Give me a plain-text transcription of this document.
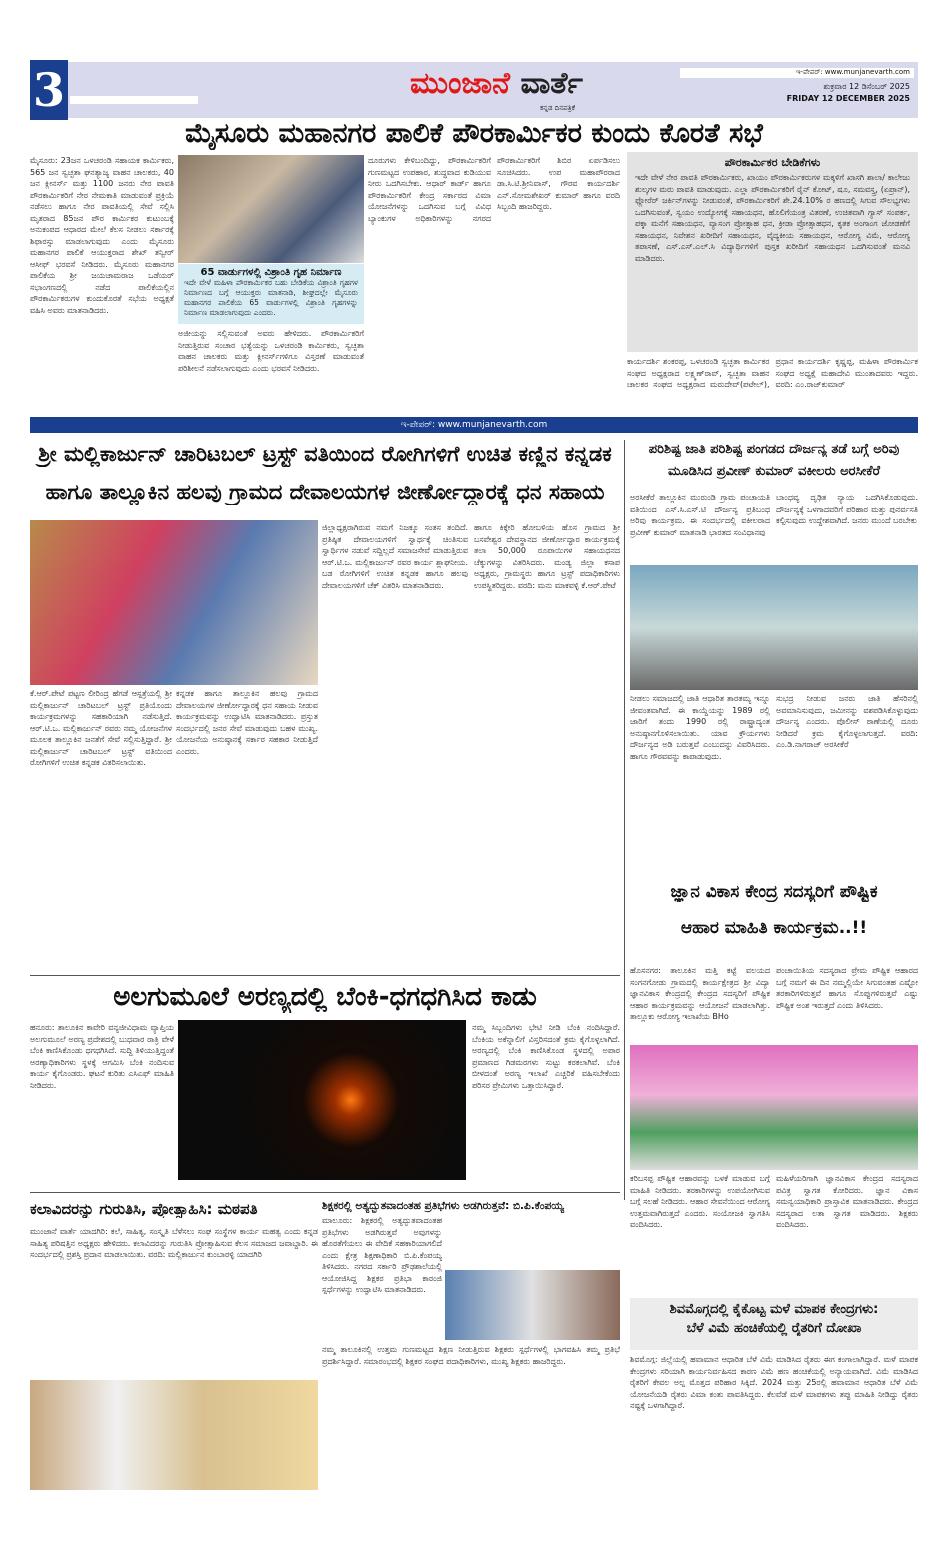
3	ಮುಂಜಾನೆ ವಾರ್ತೆ
ಕನ್ನಡ ದಿನಪತ್ರಿಕೆ
ಇ-ಪೇಪರ್: www.munjanevarth.com
ಶುಕ್ರವಾರ 12 ಡಿಸೆಂಬರ್ 2025
FRIDAY 12 DECEMBER 2025
ಮೈಸೂರು ಮಹಾನಗರ ಪಾಲಿಕೆ ಪೌರಕಾರ್ಮಿಕರ ಕುಂದು ಕೊರತೆ ಸಭೆ
ಮೈಸೂರು: 23ಜನ ಒಳಚರಂಡಿ ಸಹಾಯಕ ಕಾರ್ಮಿಕರು, 565 ಜನ ಸ್ವಚ್ಛತಾ ಘನತ್ಯಾಜ್ಯ ವಾಹನ ಚಾಲಕರು, 40 ಜನ ಕ್ಲೀನರ್ಸ್ ಮತ್ತು 1100 ಜನರು ನೇರ ಪಾವತಿ ಪೌರಕಾರ್ಮಿಕರಿಗೆ ನೇರ ನೇಮಕಾತಿ ಮಾಡುವಂತೆ ಪ್ರಕ್ರಿಯೆ ನಡೆಸಲು ಹಾಗೂ ನೇರ ಪಾವತಿಯಲ್ಲಿ ಸೇವೆ ಸಲ್ಲಿಸಿ ಮೃತರಾದ 85ಜನ ಪೌರ ಕಾರ್ಮಿಕರ ಕುಟುಂಬಕ್ಕೆ ಅನುಕಂಪದ ಆಧಾರದ ಮೇಲೆ ಕೆಲಸ ನೀಡಲು ಸರ್ಕಾರಕ್ಕೆ ಶಿಫಾರಸ್ಸು ಮಾಡಲಾಗುವುದು ಎಂದು ಮೈಸೂರು ಮಹಾನಗರ ಪಾಲಿಕೆ ಆಯುಕ್ತರಾದ ಶೇಖ್ ತನ್ವೀರ್ ಆಸೀಫ್ ಭರವಸೆ ನೀಡಿದರು. ಮೈಸೂರು ಮಹಾನಗರ ಪಾಲಿಕೆಯ ಶ್ರೀ ಜಯಚಾಮರಾಜ ಒಡೆಯರ್ ಸಭಾಂಗಣದಲ್ಲಿ ನಡೆದ ಪಾಲಿಕೆಯಲ್ಲಿನ ಪೌರಕಾರ್ಮಿಕರುಗಳ ಕುಂದುಕೊರತೆ ಸಭೆಯ ಅಧ್ಯಕ್ಷತೆ ವಹಿಸಿ ಅವರು ಮಾತನಾಡಿದರು.
65 ವಾರ್ಡುಗಳಲ್ಲಿ ವಿಶ್ರಾಂತಿ ಗೃಹ ನಿರ್ಮಾಣ
ಇದೇ ವೇಳೆ ಮಹಿಳಾ ಪೌರಕಾರ್ಮಿಕರ ಬಹು ಬೇಡಿಕೆಯ ವಿಶ್ರಾಂತಿ ಗೃಹಗಳ ನಿರ್ಮಾಣದ ಬಗ್ಗೆ ಆಯುಕ್ತರು ಮಾತನಾಡಿ, ಶೀಘ್ರದಲ್ಲೇ ಮೈಸೂರು ಮಹಾನಗರ ಪಾಲಿಕೆಯ 65 ವಾರ್ಡುಗಳಲ್ಲಿ ವಿಶ್ರಾಂತಿ ಗೃಹಗಳನ್ನು ನಿರ್ಮಾಣ ಮಾಡಲಾಗುವುದು ಎಂದರು.
ಅಜೀಯನ್ನು ಸಲ್ಲಿಸುವಂತೆ ಅವರು ಹೇಳಿದರು. ಪೌರಕಾರ್ಮಿಕರಿಗೆ ನೀಡುತ್ತಿರುವ ಸಂಚಾರ ಭತ್ಯೆಯನ್ನು ಒಳಚರಂಡಿ ಕಾರ್ಮಿಕರು, ಸ್ವಚ್ಛತಾ ವಾಹನ ಚಾಲಕರು ಮತ್ತು ಕ್ಲೀನರ್ಸ್‌ಗಳಿಗೂ ವಿಸ್ತರಣೆ ಮಾಡುವಂತೆ ಪರಿಶೀಲನೆ ನಡೆಸಲಾಗುವುದು ಎಂದು ಭರವಸೆ ನೀಡಿದರು.
ದೂರುಗಳು ಕೇಳಿಬಂದಿದ್ದು, ಪೌರಕಾರ್ಮಿಕರಿಗೆ ಗುಣಮಟ್ಟದ ಉಪಹಾರ, ಶುದ್ಧವಾದ ಕುಡಿಯುವ ನೀರು ಒದಗಿಸಬೇಕು. ಆಧಾರ್ ಕಾರ್ಡ್ ಹಾಗೂ ಪೌರಕಾರ್ಮಿಕರಿಗೆ ಕೇಂದ್ರ ಸರ್ಕಾರದ ವಿಮಾ ಯೋಜನೆಗಳನ್ನು ಒದಗಿಸುವ ಬಗ್ಗೆ ವಿವಿಧ ಬ್ಯಾಂಕುಗಳ ಅಧಿಕಾರಿಗಳನ್ನು ನಗರದ ಪೌರಕಾರ್ಮಿಕರಿಗೆ ಶಿಬಿರ ಏರ್ಪಡಿಸಲು ಸೂಚಿಸಿದರು. ಉಪ ಮಹಾಪೌರರಾದ ಡಾ.ಸಿ.ಟಿ.ಶ್ರೀನಿವಾಸ್, ಗೌರವ ಕಾರ್ಯದರ್ಶಿ ಎನ್.ಸೋಮಶೇಖರ್ ಕುಮಾರ್ ಹಾಗೂ ವರದಿ ಸಿಬ್ಬಂದಿ ಹಾಜರಿದ್ದರು.
ಪೌರಕಾರ್ಮಿಕರ ಬೇಡಿಕೆಗಳು
ಇದೇ ವೇಳೆ ನೇರ ಪಾವತಿ ಪೌರಕಾರ್ಮಿಕರು, ಖಾಯಂ ಪೌರಕಾರ್ಮಿಕರುಗಳ ಮಕ್ಕಳಿಗೆ ಖಾಸಗಿ ಶಾಲಾ/ ಕಾಲೇಜು ಶುಲ್ಕಗಳ ಮರು ಪಾವತಿ ಮಾಡುವುದು. ಎಲ್ಲಾ ಪೌರಕಾರ್ಮಿಕರಿಗೆ ರೈನ್ ಕೋಟ್, ಷೂ, ಸಮವಸ್ತ್ರ, (ಏಪ್ರಾನ್), ಫ್ಲೋರೆರ್ ಜರ್ಕಿನ್‌ಗಳನ್ನು ನೀಡುವಂತೆ, ಪೌರಕಾರ್ಮಿಕರಿಗೆ ಶೇ.24.10% ರ ಹಣದಲ್ಲಿ ಸಿಗುವ ಸೌಲಭ್ಯಗಳು ಒದಗಿಸುವಂತೆ, ಸ್ವಯಂ ಉದ್ಯೋಗಕ್ಕೆ ಸಹಾಯಧನ, ಹೊಲಿಗೆಯಂತ್ರ ವಿತರಣೆ, ಉಚಿತವಾಗಿ ಗ್ಯಾಸ್ ಸಂಪರ್ಕ, ಪಕ್ಕಾ ಮನೆಗೆ ಸಹಾಯಧನ, ವ್ಯಾಸಂಗ ಪ್ರೋತ್ಸಾಹ ಧನ, ಕ್ರೀಡಾ ಪ್ರೋತ್ಸಾಹಧನ, ಕೃತಕ ಅಂಗಾಂಗ ಜೋಡಣೆಗೆ ಸಹಾಯಧನ, ನಿವೇಶನ ಖರೀದಿಗೆ ಸಹಾಯಧನ, ವೈದ್ಯಕೀಯ ಸಹಾಯಧನ, ಆರೋಗ್ಯ ವಿಮೆ, ಆರೋಗ್ಯ ತಪಾಸಣೆ, ಎಸ್.ಎಸ್.ಎಲ್.ಸಿ ವಿದ್ಯಾರ್ಥಿಗಳಿಗೆ ಪುಸ್ತಕ ಖರೀದಿಗೆ ಸಹಾಯಧನ ಒದಗಿಸುವಂತೆ ಮನವಿ ಮಾಡಿದರು.
ಕಾರ್ಯದರ್ಶಿ ಶಂಕರಪ್ಪ, ಒಳಚರಂಡಿ ಸ್ವಚ್ಛತಾ ಕಾರ್ಮಿಕರ ಸಂಘದ ಅಧ್ಯಕ್ಷರಾದ ಲಕ್ಷ್ಮಣ್‌ರಾವ್, ಸ್ವಚ್ಛತಾ ವಾಹನ ಚಾಲಕರ ಸಂಘದ ಅಧ್ಯಕ್ಷರಾದ ಮರುದೇವ್(ಪಟೇಲ್), ಪ್ರಧಾನ ಕಾರ್ಯದರ್ಶಿ ಕೃಷ್ಣಪ್ಪ, ಮಹಿಳಾ ಪೌರಕಾರ್ಮಿಕ ಸಂಘದ ಅಧ್ಯಕ್ಷೆ ಮಹಾದೇವಿ ಮುಂತಾದವರು ಇದ್ದರು. ವರದಿ: ಎಂ.ರಾಜ್‌ಕುಮಾರ್
ಇ-ಪೇಪರ್: www.munjanevarth.com
ಶ್ರೀ ಮಲ್ಲಿಕಾರ್ಜುನ್ ಚಾರಿಟಬಲ್ ಟ್ರಸ್ಟ್ ವತಿಯಿಂದ ರೋಗಿಗಳಿಗೆ ಉಚಿತ ಕಣ್ಣಿನ ಕನ್ನಡಕ
ಹಾಗೂ ತಾಲ್ಲೂಕಿನ ಹಲವು ಗ್ರಾಮದ ದೇವಾಲಯಗಳ ಜೀರ್ಣೋದ್ಧಾರಕ್ಕೆ ಧನ ಸಹಾಯ
ಕೆ.ಆರ್.ಪೇಟೆ ಪಟ್ಟಣ ಲೀರಿಂದ್ರ ಹೆಗಡೆ ಆಸ್ಪತ್ರೆಯಲ್ಲಿ ಶ್ರೀ ಮಲ್ಲಿಕಾರ್ಜುನ್ ಚಾರಿಟಬಲ್ ಟ್ರಸ್ಟ್ ಪ್ರತಿಯೊಂದು ಕಾರ್ಯಕ್ರಮಗಳನ್ನು ಸಹಕಾರಿಯಾಗಿ ನಡೆಸುತ್ತಿದೆ. ಆರ್.ಟಿ.ಒ. ಮಲ್ಲಿಕಾರ್ಜುನ್ ರವರು ನಮ್ಮ ಯೋಜನೆಗಳ ಮೂಲಕ ತಾಲ್ಲೂಕಿನ ಜನತೆಗೆ ಸೇವೆ ಸಲ್ಲಿಸುತ್ತಿದ್ದಾರೆ. ಶ್ರೀ ಮಲ್ಲಿಕಾರ್ಜುನ್ ಚಾರಿಟಬಲ್ ಟ್ರಸ್ಟ್ ವತಿಯಿಂದ ರೋಗಿಗಳಿಗೆ ಉಚಿತ ಕನ್ನಡಕ ವಿತರಿಸಲಾಯಿತು.
ಕನ್ನಡಕ ಹಾಗೂ ತಾಲ್ಲೂಕಿನ ಹಲವು ಗ್ರಾಮದ ದೇವಾಲಯಗಳ ಜೀರ್ಣೋದ್ಧಾರಕ್ಕೆ ಧನ ಸಹಾಯ ನೀಡುವ ಕಾರ್ಯಕ್ರಮವನ್ನು ಉದ್ಘಾಟಿಸಿ ಮಾತನಾಡಿದರು. ಪ್ರಸ್ತುತ ಸಂದರ್ಭದಲ್ಲಿ ಜನರ ಸೇವೆ ಮಾಡುವುದು ಬಹಳ ಮುಖ್ಯ. ಯೋಜನೆಯ ಅನುಷ್ಠಾನಕ್ಕೆ ಸರ್ಕಾರ ಸಹಕಾರ ನೀಡುತ್ತಿದೆ ಎಂದರು.
ಜಿಲ್ಲಾಧ್ಯಕ್ಷರಾಗಿರುವ ನಮಗೆ ನಿಜಕ್ಕೂ ಸಂತಸ ತಂದಿದೆ. ಪ್ರತಿಷ್ಠಿತ ದೇವಾಲಯಗಳಿಗೆ ಸ್ವಾರ್ಥಕ್ಕೆ ಚಿಂತಿಸುವ ಸ್ವಾರ್ಥಿಗಳ ನಡುವೆ ಸದ್ದಿಲ್ಲದೆ ಸಮಾಜಸೇವೆ ಮಾಡುತ್ತಿರುವ ಆರ್.ಟಿ.ಒ. ಮಲ್ಲಿಕಾರ್ಜುನ್ ರವರ ಕಾರ್ಯ ಶ್ಲಾಘನೀಯ. ಬಡ ರೋಗಿಗಳಿಗೆ ಉಚಿತ ಕನ್ನಡಕ ಹಾಗೂ ಹಲವು ದೇವಾಲಯಗಳಿಗೆ ಚೆಕ್ ವಿತರಿಸಿ ಮಾತನಾಡಿದರು.
ಹಾಗೂ ಕಿಕ್ಕೇರಿ ಹೋಬಳಿಯ ಹೊಸ ಗ್ರಾಮದ ಶ್ರೀ ಬಸವೇಶ್ವರ ದೇವಸ್ಥಾನದ ಜೀರ್ಣೋದ್ಧಾರ ಕಾರ್ಯಕ್ರಮಕ್ಕೆ ತಲಾ 50,000 ರೂಪಾಯಿಗಳ ಸಹಾಯಧನದ ಚೆಕ್ಕುಗಳನ್ನು ವಿತರಿಸಿದರು. ಮಂಡ್ಯ ಜಿಲ್ಲಾ ಕಸಾಪ ಅಧ್ಯಕ್ಷರು, ಗ್ರಾಮಸ್ಥರು ಹಾಗೂ ಟ್ರಸ್ಟ್ ಪದಾಧಿಕಾರಿಗಳು ಉಪಸ್ಥಿತರಿದ್ದರು. ವರದಿ: ಮನು ಮಾಕವಳ್ಳಿ ಕೆ.ಆರ್.ಪೇಟೆ
ಪರಿಶಿಷ್ಟ ಜಾತಿ ಪರಿಶಿಷ್ಟ ಪಂಗಡದ ದೌರ್ಜನ್ಯ ತಡೆ ಬಗ್ಗೆ ಅರಿವು
ಮೂಡಿಸಿದ ಪ್ರವೀಣ್ ಕುಮಾರ್ ವಕೀಲರು ಅರಸೀಕೆರೆ
ಅರಸೀಕೆರೆ ತಾಲ್ಲೂಕಿನ ಮುರುಂಡಿ ಗ್ರಾಮ ಪಂಚಾಯತಿ ವತಿಯಿಂದ ಎಸ್.ಸಿ.ಎಸ್.ಟಿ ದೌರ್ಜನ್ಯ ಪ್ರತಿಬಂಧ ಅರಿವು ಕಾರ್ಯಕ್ರಮ. ಈ ಸಂದರ್ಭದಲ್ಲಿ ವಕೀಲರಾದ ಪ್ರವೀಣ್ ಕುಮಾರ್ ಮಾತನಾಡಿ ಭಾರತದ ಸಂವಿಧಾನವು
ಬಾಂಧವ್ಯ ದೃಢಿತ ನ್ಯಾಯ ಒದಗಿಸಿಕೊಡುವುದು. ದೌರ್ಜನ್ಯಕ್ಕೆ ಒಳಗಾದವರಿಗೆ ಪರಿಹಾರ ಮತ್ತು ಪುನರ್ವಸತಿ ಕಲ್ಪಿಸುವುದು ಉದ್ದೇಶವಾಗಿದೆ. ಜನರು ಮುಂದೆ ಬರಬೇಕು
ನೀಡಲು ಸಮಾಜದಲ್ಲಿ ಜಾತಿ ಆಧಾರಿತ ತಾರತಮ್ಯ ಇನ್ನೂ ಜೀವಂತವಾಗಿದೆ. ಈ ಕಾಯ್ದೆಯನ್ನು 1989 ರಲ್ಲಿ ಜಾರಿಗೆ ತಂದು 1990 ರಲ್ಲಿ ರಾಷ್ಟ್ರಾದ್ಯಂತ ಅನುಷ್ಠಾನಗೊಳಿಸಲಾಯಿತು. ಯಾವ ಕ್ರೌರ್ಯಗಳು ದೌರ್ಜನ್ಯದ ಅಡಿ ಬರುತ್ತವೆ ಎಂಬುದನ್ನು ವಿವರಿಸಿದರು. ಹಾಗೂ ಗೌರವವನ್ನು ಕಾಪಾಡುವುದು.
ಸುಭದ್ರ ನೀಡುವ ಜನರು ಜಾತಿ ಹೆಸರಿನಲ್ಲಿ ಅವಮಾನಿಸುವುದು, ಜಮೀನನ್ನು ವಶಪಡಿಸಿಕೊಳ್ಳುವುದು ದೌರ್ಜನ್ಯ ಎಂದರು. ಪೊಲೀಸ್ ಠಾಣೆಯಲ್ಲಿ ದೂರು ನೀಡಿದರೆ ಕ್ರಮ ಕೈಗೊಳ್ಳಲಾಗುತ್ತದೆ. ವರದಿ: ಎಂ.ಡಿ.ನಾಗರಾಜ್ ಅರಸೀಕೆರೆ
ಜ್ಞಾನ ವಿಕಾಸ ಕೇಂದ್ರ ಸದಸ್ಯರಿಗೆ ಪೌಷ್ಟಿಕ
ಆಹಾರ ಮಾಹಿತಿ ಕಾರ್ಯಕ್ರಮ..!!
ಹೊಸನಗರ: ತಾಲೂಕಿನ ಮತ್ತಿ ಕಟ್ಟೆ ವಲಯದ ಸಂಗನಗೋಡು ಗ್ರಾಮದಲ್ಲಿ ಕಾರ್ಯಕ್ಷೇತ್ರದ ಶ್ರೀ ವಿದ್ಯಾ ಜ್ಞಾನವಿಕಾಸ ಕೇಂದ್ರದಲ್ಲಿ ಕೇಂದ್ರದ ಸದಸ್ಯರಿಗೆ ಪೌಷ್ಟಿಕ ಆಹಾರ ಕಾರ್ಯಕ್ರಮವನ್ನು ಆಯೋಜನೆ ಮಾಡಲಾಗಿತ್ತು. ತಾಲ್ಲೂಕು ಆರೋಗ್ಯ ಇಲಾಖೆಯ BHo
ಪಂಚಾಯಿತಿಯ ಸದಸ್ಯರಾದ ಪ್ರೇಮ ಪೌಷ್ಟಿಕ ಆಹಾರದ ಬಗ್ಗೆ ನಮಗೆ ಈ ದಿನ ನಮ್ಮಲ್ಲಿಯೇ ಸಿಗುವಂತಹ ಎಷ್ಟೋ ತರಕಾರಿಗಳಿರುತ್ತವೆ ಹಾಗೂ ಸೊಪ್ಪುಗಳಿರುತ್ತವೆ ಎಷ್ಟು ಪೌಷ್ಟಿಕ ಅಂಶ ಇರುತ್ತದೆ ಎಂದು ತಿಳಿಸಿದರು.
ಕರಿಬಸಪ್ಪ ಪೌಷ್ಟಿಕ ಆಹಾರವನ್ನು ಬಳಕೆ ಮಾಡುವ ಬಗ್ಗೆ ಮಾಹಿತಿ ನೀಡಿದರು. ತರಕಾರಿಗಳನ್ನು ಉಪಯೋಗಿಸುವ ಬಗ್ಗೆ ಸಲಹೆ ನೀಡಿದರು. ಆಹಾರ ಸೇವನೆಯಿಂದ ಆರೋಗ್ಯ ಉತ್ತಮವಾಗಿರುತ್ತದೆ ಎಂದರು. ಸಂಯೋಜಕಿ ಸ್ವಾಗತಿಸಿ ವಂದಿಸಿದರು.
ಮಹಿಳೆಯರಿಗಾಗಿ ಜ್ಞಾನವಿಕಾಸ ಕೇಂದ್ರದ ಸದಸ್ಯರಾದ ಪವಿತ್ರ ಸ್ವಾಗತ ಕೋರಿದರು. ಜ್ಞಾನ ವಿಕಾಸ ಸಮನ್ವಯಾಧಿಕಾರಿ ಪ್ರಾಸ್ತಾವಿಕ ಮಾತನಾಡಿದರು. ಕೇಂದ್ರದ ಸದಸ್ಯರಾದ ಲತಾ ಸ್ವಾಗತ ಮಾಡಿದರು. ಶಿಕ್ಷಕರು ವಂದಿಸಿದರು.
ಅಲಗುಮೂಲೆ ಅರಣ್ಯದಲ್ಲಿ ಬೆಂಕಿ-ಧಗಧಗಿಸಿದ ಕಾಡು
ಹನೂರು: ತಾಲೂಕಿನ ಕಾವೇರಿ ವನ್ಯಜೀವಿಧಾಮ ವ್ಯಾಪ್ತಿಯ ಅಲಗುಮೂಲೆ ಅರಣ್ಯ ಪ್ರದೇಶದಲ್ಲಿ ಬುಧವಾರ ರಾತ್ರಿ ವೇಳೆ ಬೆಂಕಿ ಕಾಣಿಸಿಕೊಂಡು ಧಗಧಗಿಸಿದೆ. ಸುದ್ದಿ ತಿಳಿಯುತ್ತಿದ್ದಂತೆ ಅರಣ್ಯಾಧಿಕಾರಿಗಳು ಸ್ಥಳಕ್ಕೆ ಆಗಮಿಸಿ ಬೆಂಕಿ ನಂದಿಸುವ ಕಾರ್ಯ ಕೈಗೊಂಡರು. ಘಟನೆ ಕುರಿತು ಎಸಿಎಫ್ ಮಾಹಿತಿ ನೀಡಿದರು.
ನಮ್ಮ ಸಿಬ್ಬಂದಿಗಳು ಭೇಟಿ ನೀಡಿ ಬೆಂಕಿ ನಂದಿಸಿದ್ದಾರೆ. ಬೆಂಕಿಯ ಅಕೆನ್ನಾಲಿಗೆ ವಿಸ್ತರಿಸದಂತೆ ಕ್ರಮ ಕೈಗೊಳ್ಳಲಾಗಿದೆ. ಅರಣ್ಯದಲ್ಲಿ ಬೆಂಕಿ ಕಾಣಿಸಿಕೊಂಡ ಸ್ಥಳದಲ್ಲಿ ಅಪಾರ ಪ್ರಮಾಣದ ಗಿಡಮರಗಳು ಸುಟ್ಟು ಕರಕಲಾಗಿವೆ. ಬೆಂಕಿ ಬೀಳದಂತೆ ಅರಣ್ಯ ಇಲಾಖೆ ಎಚ್ಚರಿಕೆ ವಹಿಸಬೇಕೆಂದು ಪರಿಸರ ಪ್ರೇಮಿಗಳು ಒತ್ತಾಯಿಸಿದ್ದಾರೆ.
ಕಲಾವಿದರನ್ನು ಗುರುತಿಸಿ, ಪ್ರೋತ್ಸಾಹಿಸಿ: ಮಠಪತಿ
ಮುಂಜಾನೆ ವಾರ್ತೆ ಯಾದಗಿರಿ: ಕಲೆ, ಸಾಹಿತ್ಯ, ಸಂಸ್ಕೃತಿ ಬೆಳೆಸಲು ಸಂಘ ಸಂಸ್ಥೆಗಳ ಕಾರ್ಯ ಮಹತ್ವ ಎಂದು ಕನ್ನಡ ಸಾಹಿತ್ಯ ಪರಿಷತ್ತಿನ ಅಧ್ಯಕ್ಷರು ಹೇಳಿದರು. ಕಲಾವಿದರನ್ನು ಗುರುತಿಸಿ ಪ್ರೋತ್ಸಾಹಿಸುವ ಕೆಲಸ ಸಮಾಜದ ಜವಾಬ್ದಾರಿ. ಈ ಸಂದರ್ಭದಲ್ಲಿ ಪ್ರಶಸ್ತಿ ಪ್ರದಾನ ಮಾಡಲಾಯಿತು. ವರದಿ: ಮಲ್ಲಿಕಾರ್ಜುನ ಕುಂಬಾರಳ್ಳಿ ಯಾದಗಿರಿ
ಶಿಕ್ಷಕರಲ್ಲಿ ಅತ್ಯದ್ಭುತವಾದಂತಹ ಪ್ರತಿಭೆಗಳು ಅಡಗಿರುತ್ತವೆ: ಬಿ.ಪಿ.ಕೆಂಪಯ್ಯ
ಮಾಲೂರು: ಶಿಕ್ಷಕರಲ್ಲಿ ಅತ್ಯದ್ಭುತವಾದಂತಹ ಪ್ರತಿಭೆಗಳು ಅಡಗಿರುತ್ತವೆ ಅವುಗಳನ್ನು ಹೊರತೆಗೆಯಲು ಈ ವೇದಿಕೆ ಸಹಕಾರಿಯಾಗಲಿದೆ ಎಂದು ಕ್ಷೇತ್ರ ಶಿಕ್ಷಣಾಧಿಕಾರಿ ಬಿ.ಪಿ.ಕೆಂಪಯ್ಯ ತಿಳಿಸಿದರು. ನಗರದ ಸರ್ಕಾರಿ ಪ್ರೌಢಶಾಲೆಯಲ್ಲಿ ಆಯೋಜಿಸಿದ್ದ ಶಿಕ್ಷಕರ ಪ್ರತಿಭಾ ಕಾರಂಜಿ ಸ್ಪರ್ಧೆಗಳನ್ನು ಉದ್ಘಾಟಿಸಿ ಮಾತನಾಡಿದರು.
ನಮ್ಮ ತಾಲೂಕಿನಲ್ಲಿ ಉತ್ತಮ ಗುಣಮಟ್ಟದ ಶಿಕ್ಷಣ ನೀಡುತ್ತಿರುವ ಶಿಕ್ಷಕರು ಸ್ಪರ್ಧೆಗಳಲ್ಲಿ ಭಾಗವಹಿಸಿ ತಮ್ಮ ಪ್ರತಿಭೆ ಪ್ರದರ್ಶಿಸಿದ್ದಾರೆ. ಸಮಾರಂಭದಲ್ಲಿ ಶಿಕ್ಷಕರ ಸಂಘದ ಪದಾಧಿಕಾರಿಗಳು, ಮುಖ್ಯ ಶಿಕ್ಷಕರು ಹಾಜರಿದ್ದರು.
ಶಿವಮೊಗ್ಗದಲ್ಲಿ ಕೈಕೊಟ್ಟ ಮಳೆ ಮಾಪಕ ಕೇಂದ್ರಗಳು:
ಬೆಳೆ ವಿಮೆ ಹಂಚಿಕೆಯಲ್ಲಿ ರೈತರಿಗೆ ದೋಖಾ
ಶಿವಮೊಗ್ಗ: ಜಿಲ್ಲೆಯಲ್ಲಿ ಹವಾಮಾನ ಆಧಾರಿತ ಬೆಳೆ ವಿಮೆ ಮಾಡಿಸಿದ ರೈತರು ಈಗ ಕಂಗಾಲಾಗಿದ್ದಾರೆ. ಮಳೆ ಮಾಪಕ ಕೇಂದ್ರಗಳು ಸರಿಯಾಗಿ ಕಾರ್ಯನಿರ್ವಹಿಸದ ಕಾರಣ ವಿಮೆ ಹಣ ಹಂಚಿಕೆಯಲ್ಲಿ ಅನ್ಯಾಯವಾಗಿದೆ. ವಿಮೆ ಮಾಡಿಸಿದ ರೈತರಿಗೆ ಕೇವಲ ಅಲ್ಪ ಮೊತ್ತದ ಪರಿಹಾರ ಸಿಕ್ಕಿದೆ. 2024 ಮತ್ತು 25ರಲ್ಲಿ ಹವಾಮಾನ ಆಧಾರಿತ ಬೆಳೆ ವಿಮೆ ಯೋಜನೆಯಡಿ ರೈತರು ವಿಮಾ ಕಂತು ಪಾವತಿಸಿದ್ದರು. ಕೆಲವೆಡೆ ಮಳೆ ಮಾಪಕಗಳು ತಪ್ಪು ಮಾಹಿತಿ ನೀಡಿದ್ದು ರೈತರು ನಷ್ಟಕ್ಕೆ ಒಳಗಾಗಿದ್ದಾರೆ.
